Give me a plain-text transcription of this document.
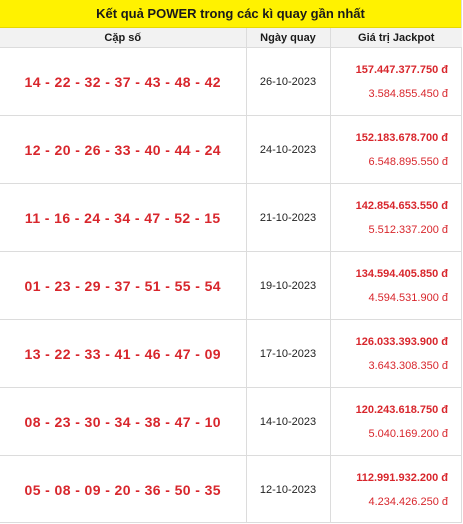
Kết quả POWER trong các kì quay gần nhất
Cặp số	Ngày quay	Giá trị Jackpot
14 - 22 - 32 - 37 - 43 - 48 - 42	26-10-2023	157.447.377.750 đ
3.584.855.450 đ

12 - 20 - 26 - 33 - 40 - 44 - 24	24-10-2023	152.183.678.700 đ
6.548.895.550 đ

11 - 16 - 24 - 34 - 47 - 52 - 15	21-10-2023	142.854.653.550 đ
5.512.337.200 đ

01 - 23 - 29 - 37 - 51 - 55 - 54	19-10-2023	134.594.405.850 đ
4.594.531.900 đ

13 - 22 - 33 - 41 - 46 - 47 - 09	17-10-2023	126.033.393.900 đ
3.643.308.350 đ

08 - 23 - 30 - 34 - 38 - 47 - 10	14-10-2023	120.243.618.750 đ
5.040.169.200 đ

05 - 08 - 09 - 20 - 36 - 50 - 35	12-10-2023	112.991.932.200 đ
4.234.426.250 đ
